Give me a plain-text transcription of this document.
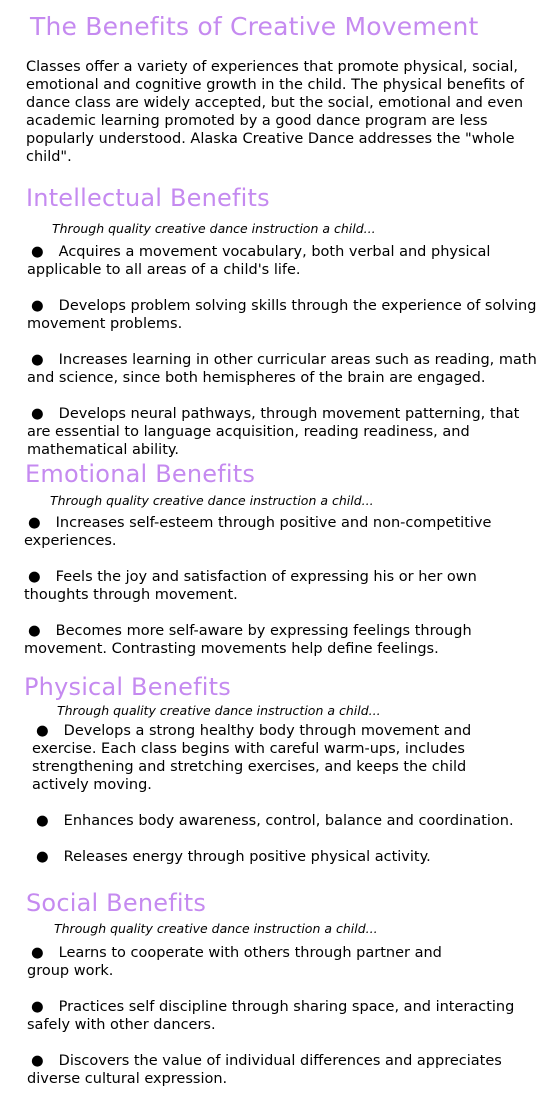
The Benefits of Creative Movement

Classes offer a variety of experiences that promote physical, social, emotional and cognitive growth in the child. The physical benefits of dance class are widely accepted, but the social, emotional and even academic learning promoted by a good dance program are less popularly understood. Alaska Creative Dance addresses the "whole child".

Intellectual Benefits

Through quality creative dance instruction a child...

● Acquires a movement vocabulary, both verbal and physical applicable to all areas of a child's life.

● Develops problem solving skills through the experience of solving movement problems.

● Increases learning in other curricular areas such as reading, math and science, since both hemispheres of the brain are engaged.

● Develops neural pathways, through movement patterning, that are essential to language acquisition, reading readiness, and mathematical ability.

Emotional Benefits

Through quality creative dance instruction a child...

● Increases self-esteem through positive and non-competitive experiences.

● Feels the joy and satisfaction of expressing his or her own thoughts through movement.

● Becomes more self-aware by expressing feelings through movement. Contrasting movements help define feelings.

Physical Benefits

Through quality creative dance instruction a child...

● Develops a strong healthy body through movement and exercise. Each class begins with careful warm-ups, includes strengthening and stretching exercises, and keeps the child actively moving.

● Enhances body awareness, control, balance and coordination.

● Releases energy through positive physical activity.

Social Benefits

Through quality creative dance instruction a child...

● Learns to cooperate with others through partner and group work.

● Practices self discipline through sharing space, and interacting safely with other dancers.

● Discovers the value of individual differences and appreciates diverse cultural expression.
